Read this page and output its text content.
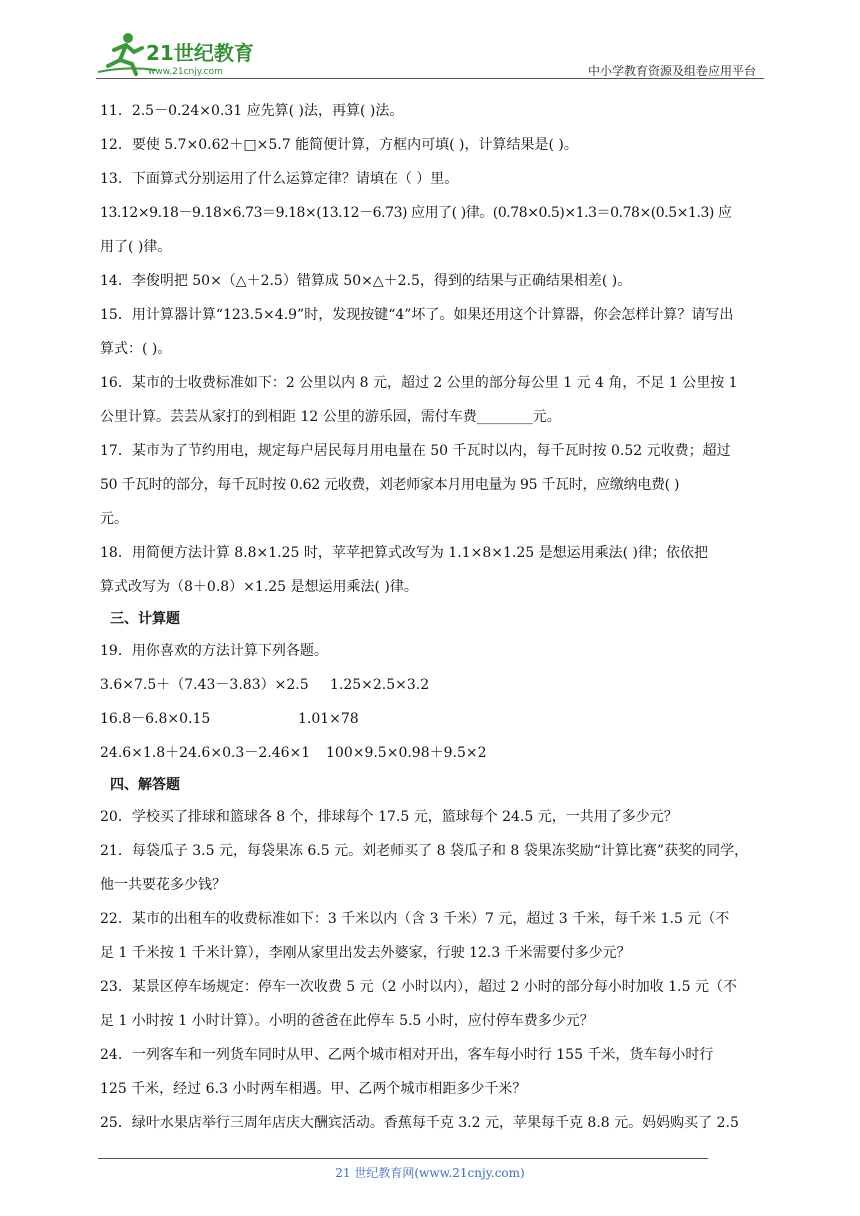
21世纪教育
www.21cnjy.com	中小学教育资源及组卷应用平台
11．2.5－0.24×0.31 应先算( )法，再算( )法。
12．要使 5.7×0.62＋□×5.7 能简便计算，方框内可填( )，计算结果是( )。
13．下面算式分别运用了什么运算定律？请填在（ ）里。
13.12×9.18－9.18×6.73＝9.18×(13.12－6.73) 应用了( )律。(0.78×0.5)×1.3＝0.78×(0.5×1.3) 应
用了( )律。
14．李俊明把 50×（△＋2.5）错算成 50×△＋2.5，得到的结果与正确结果相差( )。
15．用计算器计算“123.5×4.9”时，发现按键“4”坏了。如果还用这个计算器，你会怎样计算？请写出
算式：( )。
16．某市的士收费标准如下：2 公里以内 8 元，超过 2 公里的部分每公里 1 元 4 角，不足 1 公里按 1
公里计算。芸芸从家打的到相距 12 公里的游乐园，需付车费________元。
17．某市为了节约用电，规定每户居民每月用电量在 50 千瓦时以内，每千瓦时按 0.52 元收费；超过
50 千瓦时的部分，每千瓦时按 0.62 元收费，刘老师家本月用电量为 95 千瓦时，应缴纳电费( )
元。
18．用简便方法计算 8.8×1.25 时，苹苹把算式改写为 1.1×8×1.25 是想运用乘法( )律；依依把
算式改写为（8＋0.8）×1.25 是想运用乘法( )律。
三、计算题
19．用你喜欢的方法计算下列各题。
3.6×7.5＋（7.43－3.83）×2.5 1.25×2.5×3.2
16.8－6.8×0.15	1.01×78
24.6×1.8＋24.6×0.3－2.46×1 100×9.5×0.98＋9.5×2
四、解答题
20．学校买了排球和篮球各 8 个，排球每个 17.5 元，篮球每个 24.5 元，一共用了多少元？
21．每袋瓜子 3.5 元，每袋果冻 6.5 元。刘老师买了 8 袋瓜子和 8 袋果冻奖励“计算比赛”获奖的同学，
他一共要花多少钱？
22．某市的出租车的收费标准如下：3 千米以内（含 3 千米）7 元，超过 3 千米，每千米 1.5 元（不
足 1 千米按 1 千米计算），李刚从家里出发去外婆家，行驶 12.3 千米需要付多少元？
23．某景区停车场规定：停车一次收费 5 元（2 小时以内），超过 2 小时的部分每小时加收 1.5 元（不
足 1 小时按 1 小时计算）。小明的爸爸在此停车 5.5 小时，应付停车费多少元？
24．一列客车和一列货车同时从甲、乙两个城市相对开出，客车每小时行 155 千米，货车每小时行
125 千米，经过 6.3 小时两车相遇。甲、乙两个城市相距多少千米？
25．绿叶水果店举行三周年店庆大酬宾活动。香蕉每千克 3.2 元，苹果每千克 8.8 元。妈妈购买了 2.5
21 世纪教育网(www.21cnjy.com)
